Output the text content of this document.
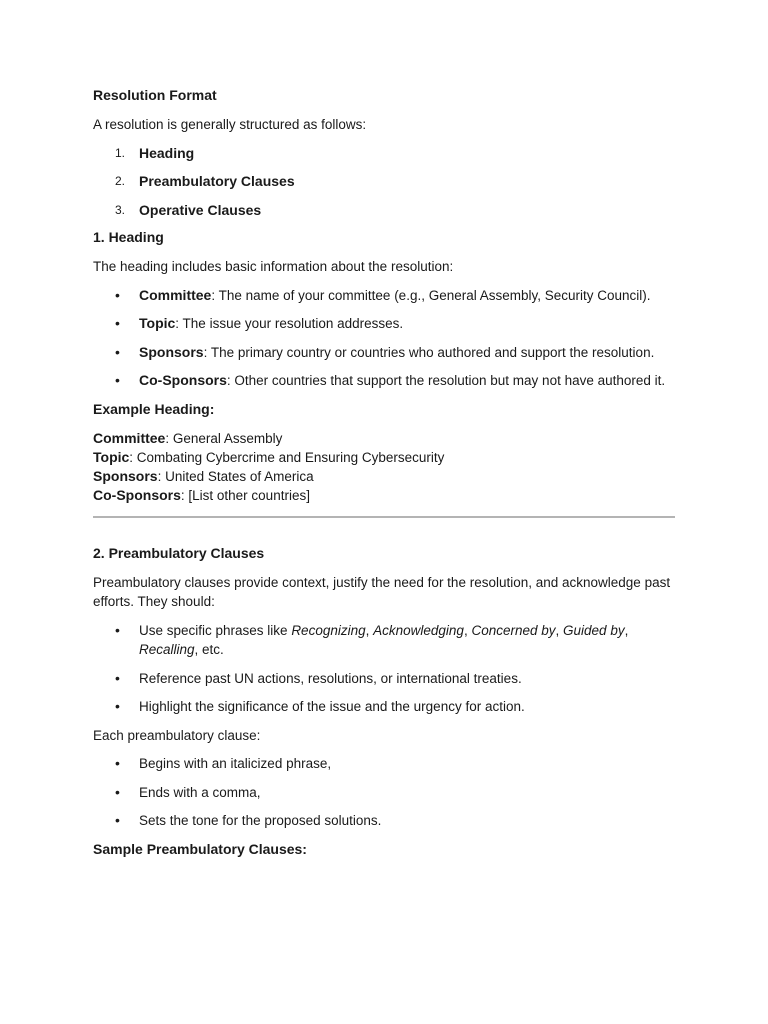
Resolution Format

A resolution is generally structured as follows:

1. Heading
2. Preambulatory Clauses
3. Operative Clauses

1. Heading

The heading includes basic information about the resolution:

• Committee: The name of your committee (e.g., General Assembly, Security Council).
• Topic: The issue your resolution addresses.
• Sponsors: The primary country or countries who authored and support the resolution.
• Co-Sponsors: Other countries that support the resolution but may not have authored it.

Example Heading:

Committee: General Assembly

Topic: Combating Cybercrime and Ensuring Cybersecurity

Sponsors: United States of America

Co-Sponsors: [List other countries]

2. Preambulatory Clauses

Preambulatory clauses provide context, justify the need for the resolution, and acknowledge past efforts. They should:

• Use specific phrases like Recognizing, Acknowledging, Concerned by, Guided by, Recalling, etc.
• Reference past UN actions, resolutions, or international treaties.
• Highlight the significance of the issue and the urgency for action.

Each preambulatory clause:

• Begins with an italicized phrase,
• Ends with a comma,
• Sets the tone for the proposed solutions.

Sample Preambulatory Clauses:
